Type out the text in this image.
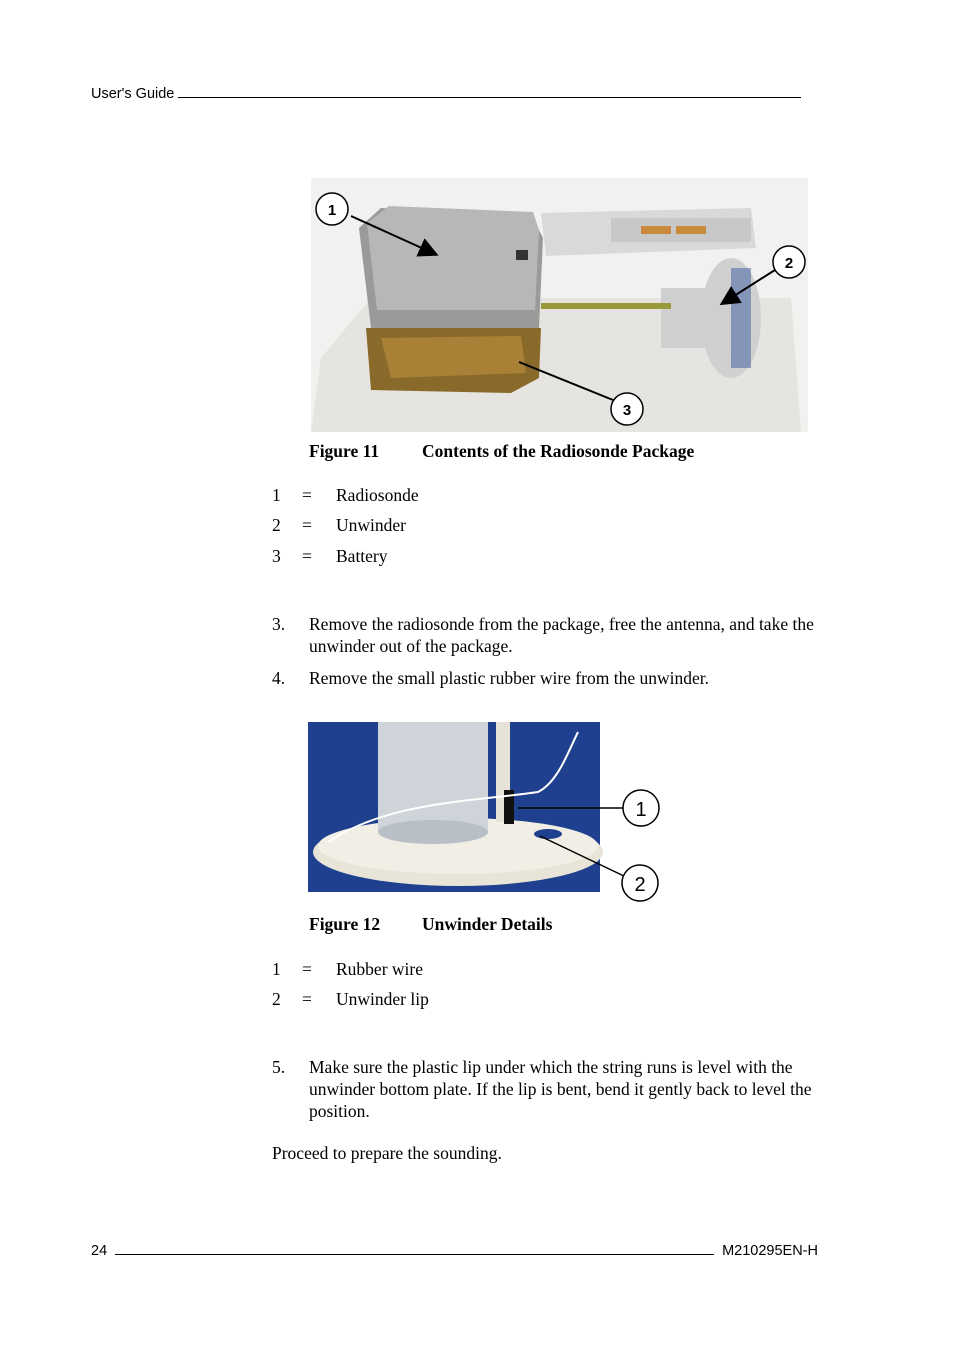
User's Guide
1
2
3
Figure 11 Contents of the Radiosonde Package
1 = Radiosonde
2 = Unwinder
3 = Battery
3. Remove the radiosonde from the package, free the antenna, and take the unwinder out of the package.
4. Remove the small plastic rubber wire from the unwinder.
1
2
Figure 12 Unwinder Details
1 = Rubber wire
2 = Unwinder lip
5. Make sure the plastic lip under which the string runs is level with the unwinder bottom plate. If the lip is bent, bend it gently back to level the position.
Proceed to prepare the sounding.
24	M210295EN-H
